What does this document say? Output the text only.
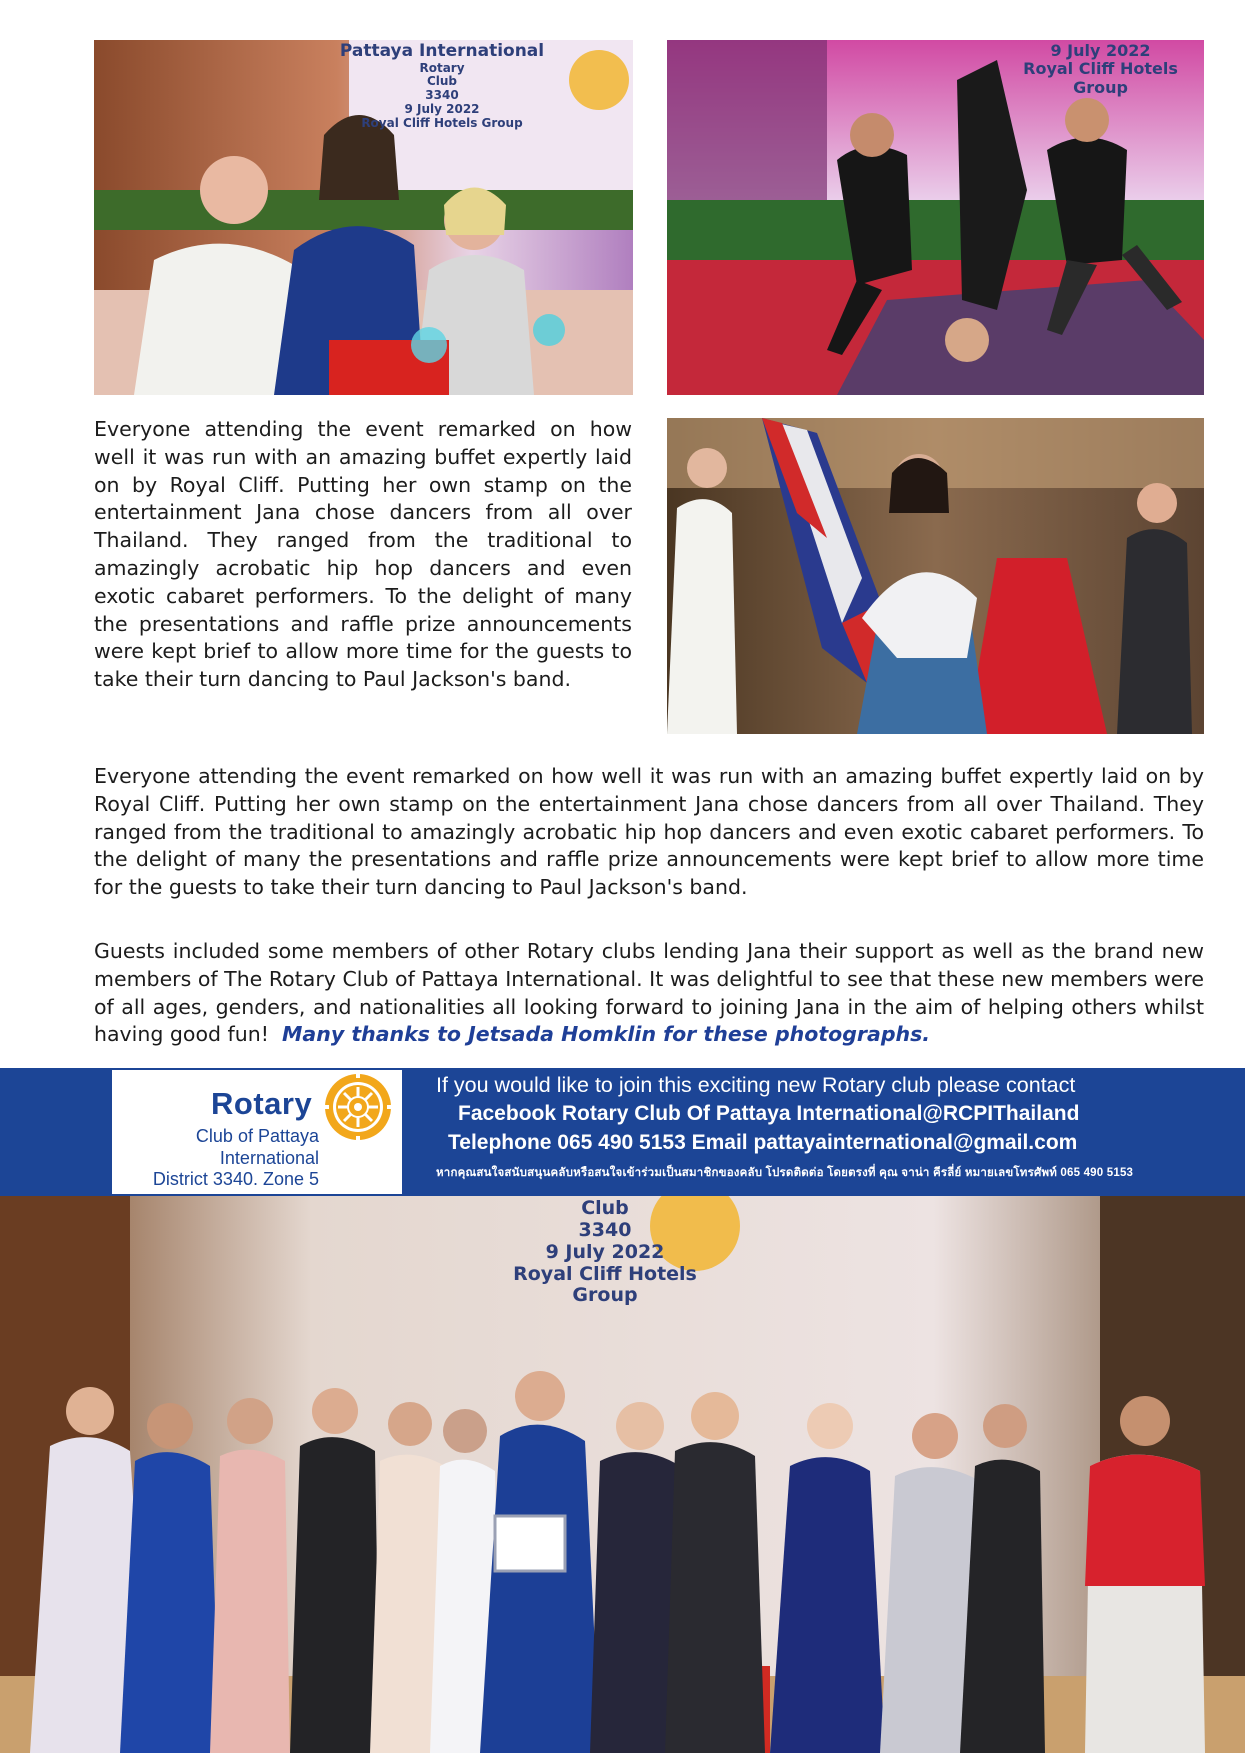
Pattaya International
Rotary
Club
3340
9 July 2022
Royal Cliff Hotels Group
9 July 2022
Royal Cliff Hotels Group

Everyone attending the event remarked on how well it was run with an amazing buffet expertly laid on by Royal Cliff. Putting her own stamp on the entertainment Jana chose dancers from all over Thailand. They ranged from the traditional to amazingly acrobatic hip hop dancers and even exotic cabaret performers. To the delight of many the presentations and raffle prize announcements were kept brief to allow more time for the guests to take their turn dancing to Paul Jackson's band.

Everyone attending the event remarked on how well it was run with an amazing buffet expertly laid on by Royal Cliff. Putting her own stamp on the entertainment Jana chose dancers from all over Thailand. They ranged from the traditional to amazingly acrobatic hip hop dancers and even exotic cabaret performers. To the delight of many the presentations and raffle prize announcements were kept brief to allow more time for the guests to take their turn dancing to Paul Jackson's band.

Guests included some members of other Rotary clubs lending Jana their support as well as the brand new members of The Rotary Club of Pattaya International. It was delightful to see that these new members were of all ages, genders, and nationalities all looking forward to joining Jana in the aim of helping others whilst having good fun! Many thanks to Jetsada Homklin for these photographs.

Rotary
Club of Pattaya
International
District 3340. Zone 5
If you would like to join this exciting new Rotary club please contact
Facebook Rotary Club Of Pattaya International@RCPIThailand
Telephone 065 490 5153 Email pattayainternational@gmail.com
หากคุณสนใจสนับสนุนคลับหรือสนใจเข้าร่วมเป็นสมาชิกของคลับ โปรดติดต่อ โดยตรงที่ คุณ จาน่า คีรลี่ย์ หมายเลขโทรศัพท์ 065 490 5153
Club
3340
9 July 2022
Royal Cliff Hotels Group
